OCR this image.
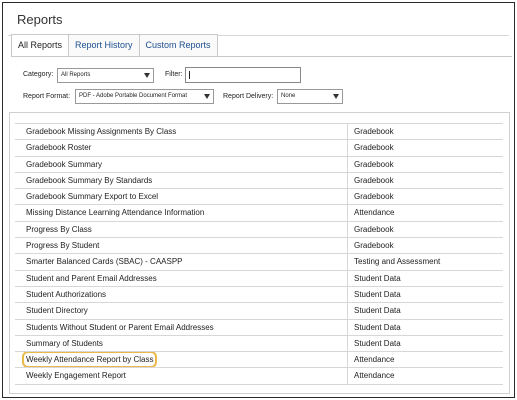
Reports
All Reports	Report History	Custom Reports
Category:	All Reports	Filter:
Report Format:	PDF - Adobe Portable Document Format	Report Delivery:	None
Gradebook Missing Assignments By Class	Gradebook
Gradebook Roster	Gradebook
Gradebook Summary	Gradebook
Gradebook Summary By Standards	Gradebook
Gradebook Summary Export to Excel	Gradebook
Missing Distance Learning Attendance Information	Attendance
Progress By Class	Gradebook
Progress By Student	Gradebook
Smarter Balanced Cards (SBAC) - CAASPP	Testing and Assessment
Student and Parent Email Addresses	Student Data
Student Authorizations	Student Data
Student Directory	Student Data
Students Without Student or Parent Email Addresses	Student Data
Summary of Students	Student Data
Weekly Attendance Report by Class	Attendance
Weekly Engagement Report	Attendance
